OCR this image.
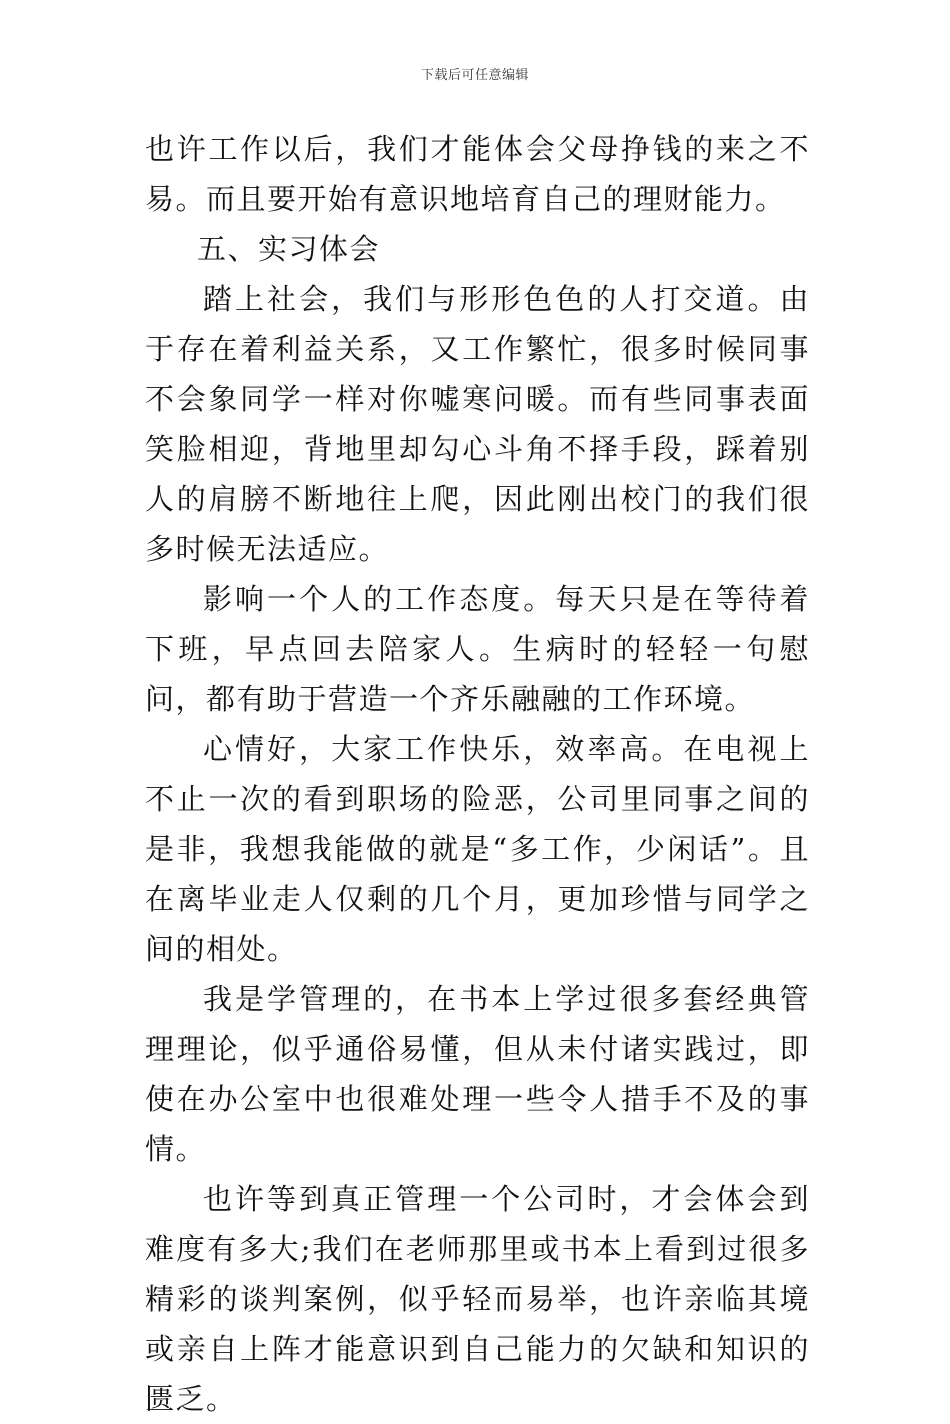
下载后可任意编辑

也许工作以后，我们才能体会父母挣钱的来之不易。而且要开始有意识地培育自己的理财能力。

五、实习体会

踏上社会，我们与形形色色的人打交道。由于存在着利益关系，又工作繁忙，很多时候同事不会象同学一样对你嘘寒问暖。而有些同事表面笑脸相迎，背地里却勾心斗角不择手段，踩着别人的肩膀不断地往上爬，因此刚出校门的我们很多时候无法适应。

影响一个人的工作态度。每天只是在等待着下班，早点回去陪家人。生病时的轻轻一句慰问，都有助于营造一个齐乐融融的工作环境。

心情好，大家工作快乐，效率高。在电视上不止一次的看到职场的险恶，公司里同事之间的是非，我想我能做的就是“多工作，少闲话”。且在离毕业走人仅剩的几个月，更加珍惜与同学之间的相处。

我是学管理的，在书本上学过很多套经典管理理论，似乎通俗易懂，但从未付诸实践过，即使在办公室中也很难处理一些令人措手不及的事情。

也许等到真正管理一个公司时，才会体会到难度有多大;我们在老师那里或书本上看到过很多精彩的谈判案例，似乎轻而易举，也许亲临其境或亲自上阵才能意识到自己能力的欠缺和知识的匮乏。
